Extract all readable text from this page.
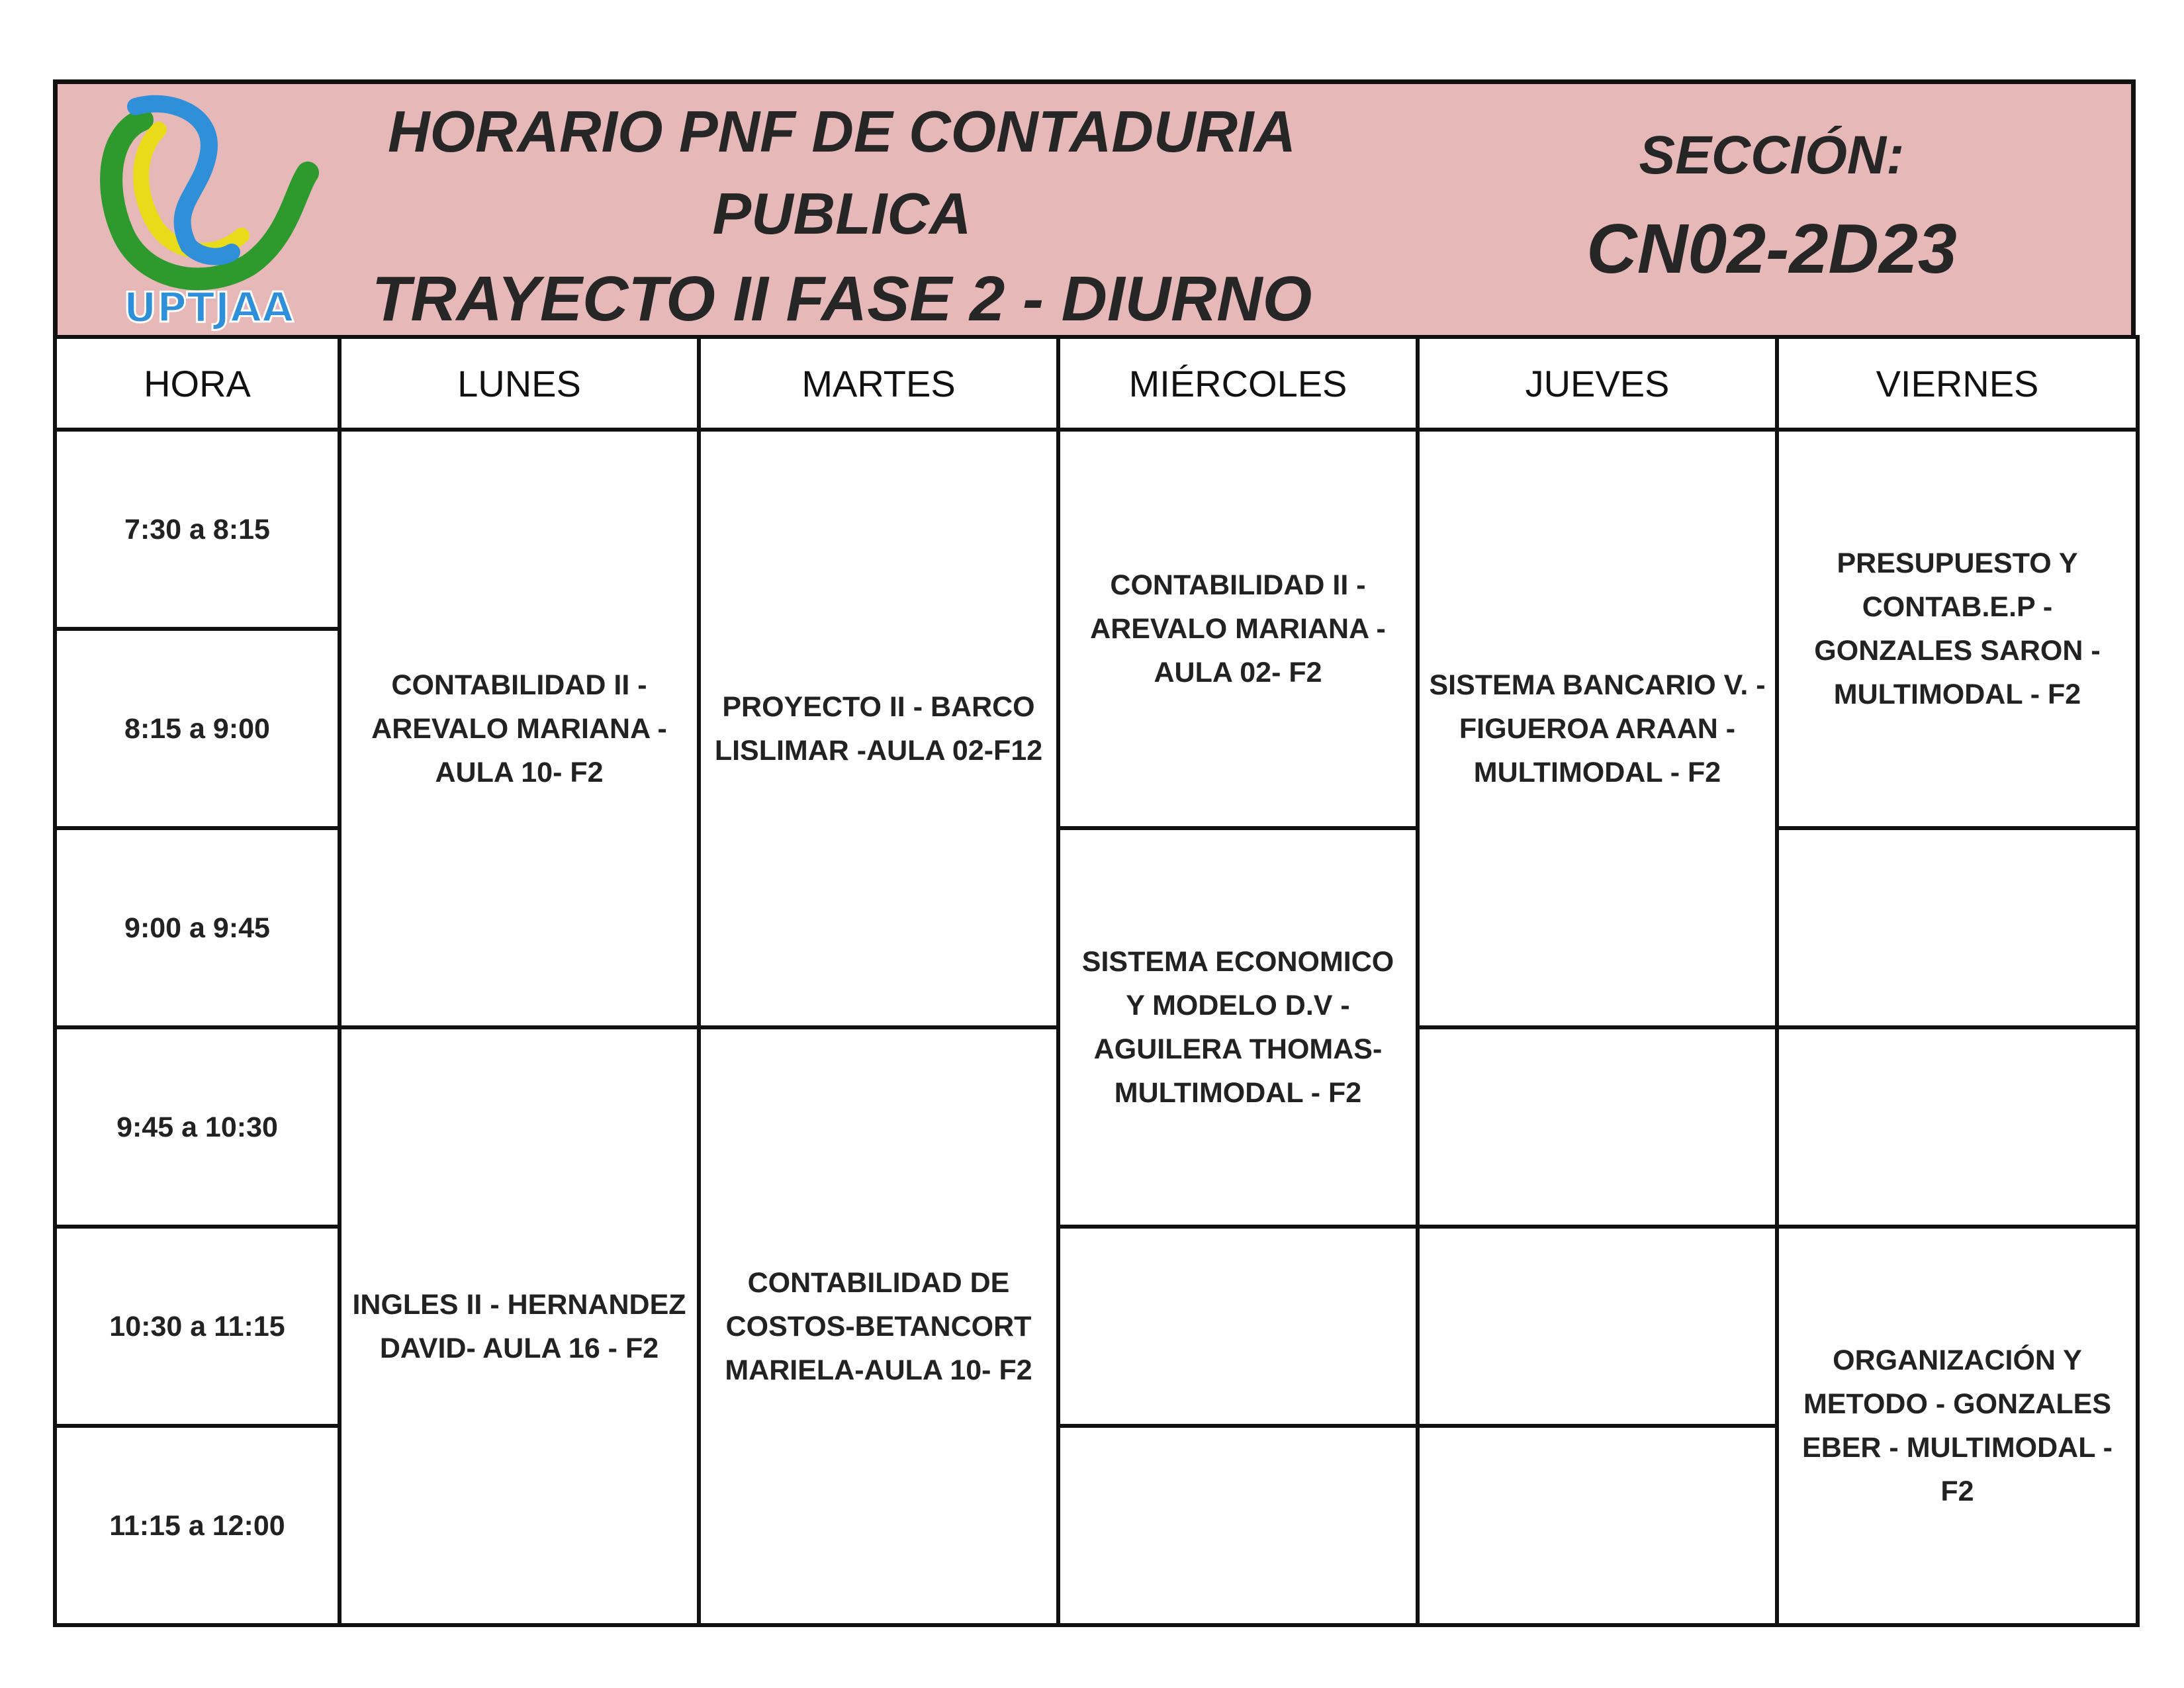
UPTJAA
HORARIO PNF DE CONTADURIA
PUBLICA
TRAYECTO II FASE 2 - DIURNO
SECCIÓN:
CN02-2D23
HORA	LUNES	MARTES	MIÉRCOLES	JUEVES	VIERNES
7:30 a 8:15	CONTABILIDAD II - AREVALO MARIANA - AULA 10- F2	PROYECTO II - BARCO LISLIMAR -AULA 02-F12	CONTABILIDAD II - AREVALO MARIANA - AULA 02- F2	SISTEMA BANCARIO V. - FIGUEROA ARAAN - MULTIMODAL - F2	PRESUPUESTO Y CONTAB.E.P - GONZALES SARON - MULTIMODAL - F2
8:15 a 9:00					
9:00 a 9:45			SISTEMA ECONOMICO Y MODELO D.V - AGUILERA THOMAS- MULTIMODAL - F2		
9:45 a 10:30	INGLES II - HERNANDEZ DAVID- AULA 16 - F2	CONTABILIDAD DE COSTOS-BETANCORT MARIELA-AULA 10- F2			
10:30 a 11:15					ORGANIZACIÓN Y METODO - GONZALES EBER - MULTIMODAL - F2
11:15 a 12:00					
